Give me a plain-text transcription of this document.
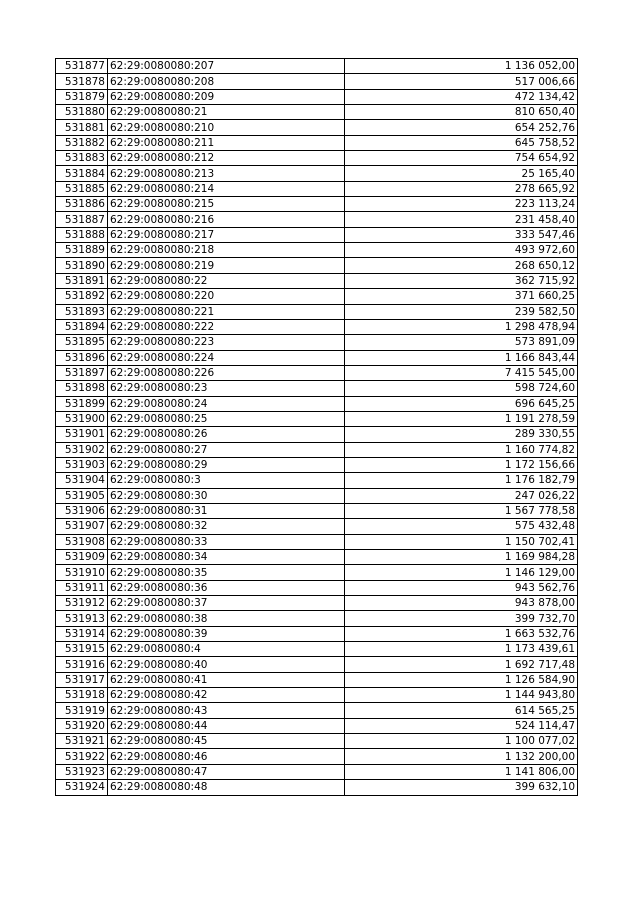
531877	62:29:0080080:207	1 136 052,00
531878	62:29:0080080:208	517 006,66
531879	62:29:0080080:209	472 134,42
531880	62:29:0080080:21	810 650,40
531881	62:29:0080080:210	654 252,76
531882	62:29:0080080:211	645 758,52
531883	62:29:0080080:212	754 654,92
531884	62:29:0080080:213	25 165,40
531885	62:29:0080080:214	278 665,92
531886	62:29:0080080:215	223 113,24
531887	62:29:0080080:216	231 458,40
531888	62:29:0080080:217	333 547,46
531889	62:29:0080080:218	493 972,60
531890	62:29:0080080:219	268 650,12
531891	62:29:0080080:22	362 715,92
531892	62:29:0080080:220	371 660,25
531893	62:29:0080080:221	239 582,50
531894	62:29:0080080:222	1 298 478,94
531895	62:29:0080080:223	573 891,09
531896	62:29:0080080:224	1 166 843,44
531897	62:29:0080080:226	7 415 545,00
531898	62:29:0080080:23	598 724,60
531899	62:29:0080080:24	696 645,25
531900	62:29:0080080:25	1 191 278,59
531901	62:29:0080080:26	289 330,55
531902	62:29:0080080:27	1 160 774,82
531903	62:29:0080080:29	1 172 156,66
531904	62:29:0080080:3	1 176 182,79
531905	62:29:0080080:30	247 026,22
531906	62:29:0080080:31	1 567 778,58
531907	62:29:0080080:32	575 432,48
531908	62:29:0080080:33	1 150 702,41
531909	62:29:0080080:34	1 169 984,28
531910	62:29:0080080:35	1 146 129,00
531911	62:29:0080080:36	943 562,76
531912	62:29:0080080:37	943 878,00
531913	62:29:0080080:38	399 732,70
531914	62:29:0080080:39	1 663 532,76
531915	62:29:0080080:4	1 173 439,61
531916	62:29:0080080:40	1 692 717,48
531917	62:29:0080080:41	1 126 584,90
531918	62:29:0080080:42	1 144 943,80
531919	62:29:0080080:43	614 565,25
531920	62:29:0080080:44	524 114,47
531921	62:29:0080080:45	1 100 077,02
531922	62:29:0080080:46	1 132 200,00
531923	62:29:0080080:47	1 141 806,00
531924	62:29:0080080:48	399 632,10
